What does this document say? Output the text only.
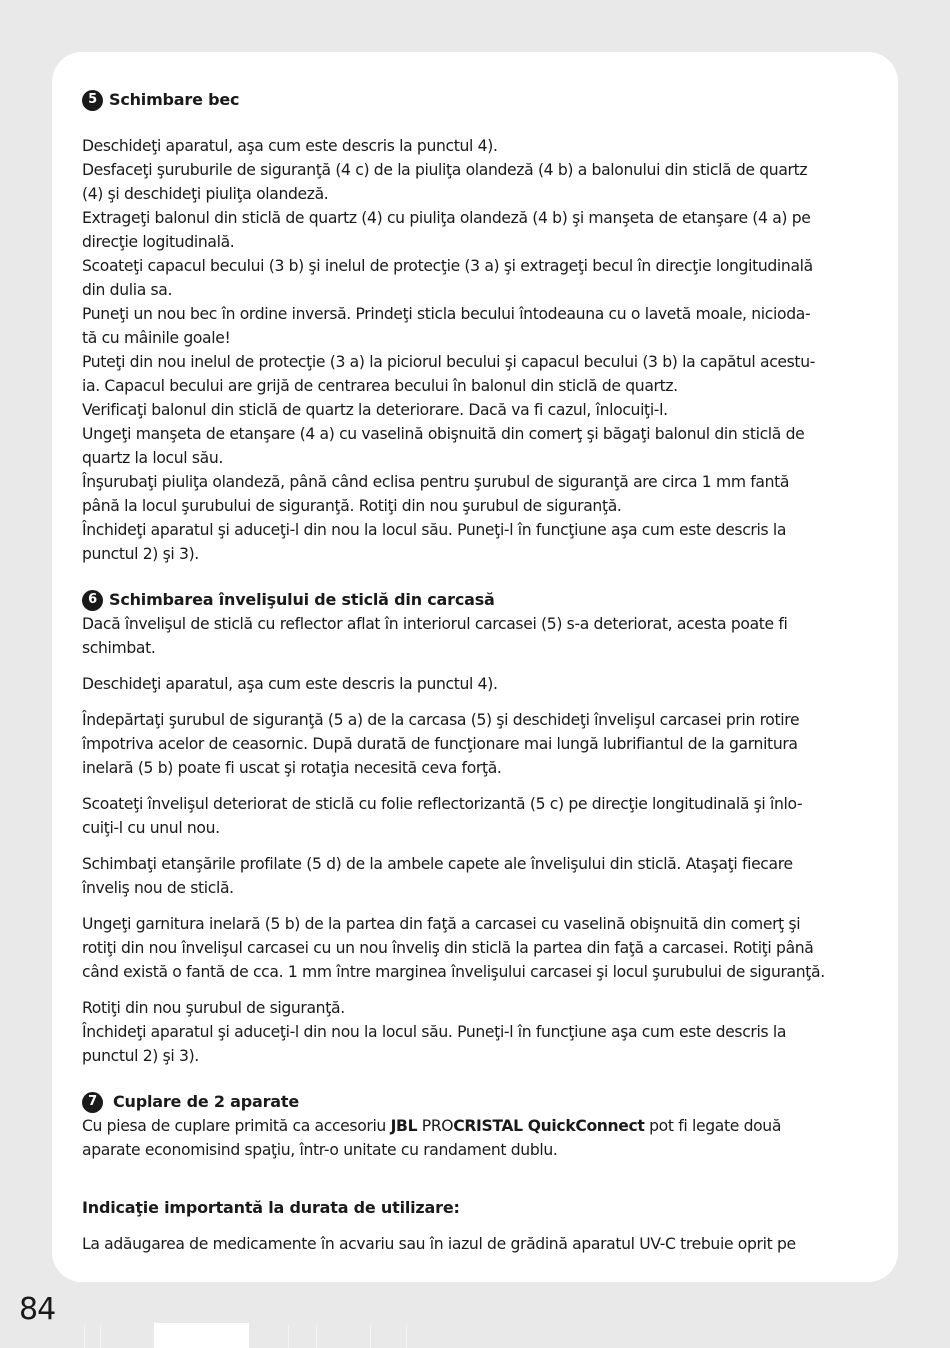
5 Schimbare bec

Deschideţi aparatul, aşa cum este descris la punctul 4).

Desfaceţi şuruburile de siguranţă (4 c) de la piuliţa olandeză (4 b) a balonului din sticlă de quartz

(4) şi deschideţi piuliţa olandeză.

Extrageţi balonul din sticlă de quartz (4) cu piuliţa olandeză (4 b) şi manşeta de etanşare (4 a) pe

direcţie logitudinală.

Scoateţi capacul becului (3 b) şi inelul de protecţie (3 a) şi extrageţi becul în direcţie longitudinală

din dulia sa.

Puneţi un nou bec în ordine inversă. Prindeţi sticla becului întodeauna cu o lavetă moale, niciodа-

tă cu mâinile goale!

Puteţi din nou inelul de protecţie (3 a) la piciorul becului şi capacul becului (3 b) la capătul acestu-

ia. Capacul becului are grijă de centrarea becului în balonul din sticlă de quartz.

Verificaţi balonul din sticlă de quartz la deteriorare. Dacă va fi cazul, înlocuiţi-l.

Ungeţi manşeta de etanşare (4 a) cu vaselină obişnuită din comerţ şi băgaţi balonul din sticlă de

quartz la locul său.

Înşurubaţi piuliţa olandeză, până când eclisa pentru şurubul de siguranţă are circa 1 mm fantă

până la locul şurubului de siguranţă. Rotiţi din nou şurubul de siguranţă.

Închideţi aparatul şi aduceţi-l din nou la locul său. Puneţi-l în funcţiune aşa cum este descris la

punctul 2) şi 3).

6 Schimbarea învelişului de sticlă din carcasă

Dacă învelişul de sticlă cu reflector aflat în interiorul carcasei (5) s-a deteriorat, acesta poate fi

schimbat.

Deschideţi aparatul, aşa cum este descris la punctul 4).

Îndepărtaţi şurubul de siguranţă (5 a) de la carcasa (5) şi deschideţi învelişul carcasei prin rotire

împotriva acelor de ceasornic. După durată de funcţionare mai lungă lubrifiantul de la garnitura

inelară (5 b) poate fi uscat şi rotaţia necesită ceva forţă.

Scoateţi învelişul deteriorat de sticlă cu folie reflectorizantă (5 c) pe direcţie longitudinală şi înlo-

cuiţi-l cu unul nou.

Schimbaţi etanşările profilate (5 d) de la ambele capete ale învelişului din sticlă. Ataşaţi fiecare

înveliş nou de sticlă.

Ungeţi garnitura inelară (5 b) de la partea din faţă a carcasei cu vaselină obişnuită din comerţ şi

rotiţi din nou învelişul carcasei cu un nou înveliş din sticlă la partea din faţă a carcasei. Rotiţi până

când există o fantă de cca. 1 mm între marginea învelişului carcasei şi locul şurubului de siguranţă.

Rotiţi din nou şurubul de siguranţă.

Închideţi aparatul şi aduceţi-l din nou la locul său. Puneţi-l în funcţiune aşa cum este descris la

punctul 2) şi 3).

7	Cuplare de 2 aparate

Cu piesa de cuplare primită ca accesoriu JBL PROCRISTAL QuickConnect pot fi legate două

aparate economisind spaţiu, într-o unitate cu randament dublu.

Indicaţie importantă la durata de utilizare:

La adăugarea de medicamente în acvariu sau în iazul de grădină aparatul UV-C trebuie oprit pe

84
